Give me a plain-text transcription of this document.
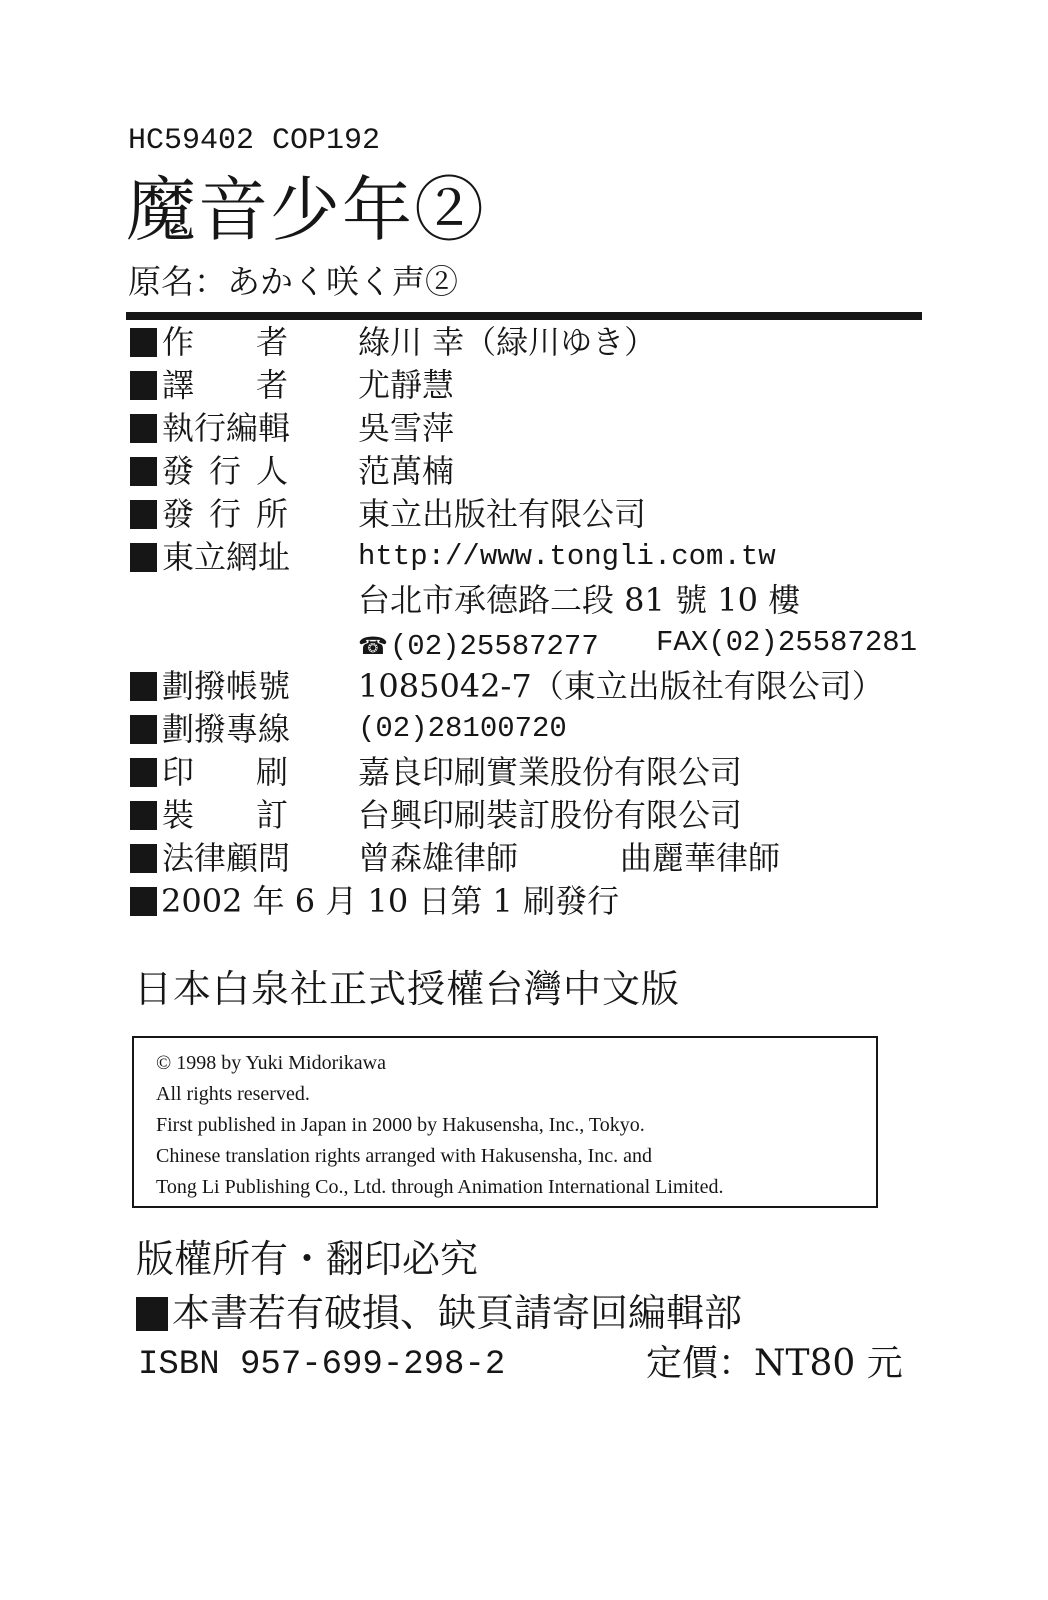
HC59402 COP192
魔音少年②
原名：あかく咲く声②
作者 綠川 幸（緑川ゆき）
譯者 尤靜慧
執行編輯 吳雪萍
發行人 范萬楠
發行所 東立出版社有限公司
東立網址 http://www.tongli.com.tw
台北市承德路二段 81 號 10 樓
☎(02)25587277 FAX(02)25587281
劃撥帳號 1085042-7（東立出版社有限公司）
劃撥專線 (02)28100720
印刷 嘉良印刷實業股份有限公司
裝訂 台興印刷裝訂股份有限公司
法律顧問 曾森雄律師	曲麗華律師
2002 年 6 月 10 日第 1 刷發行
日本白泉社正式授權台灣中文版
© 1998 by Yuki Midorikawa
All rights reserved.
First published in Japan in 2000 by Hakusensha, Inc., Tokyo.
Chinese translation rights arranged with Hakusensha, Inc. and
Tong Li Publishing Co., Ltd. through Animation International Limited.
版權所有・翻印必究
本書若有破損、缺頁請寄回編輯部
ISBN 957-699-298-2	定價：NT80 元
